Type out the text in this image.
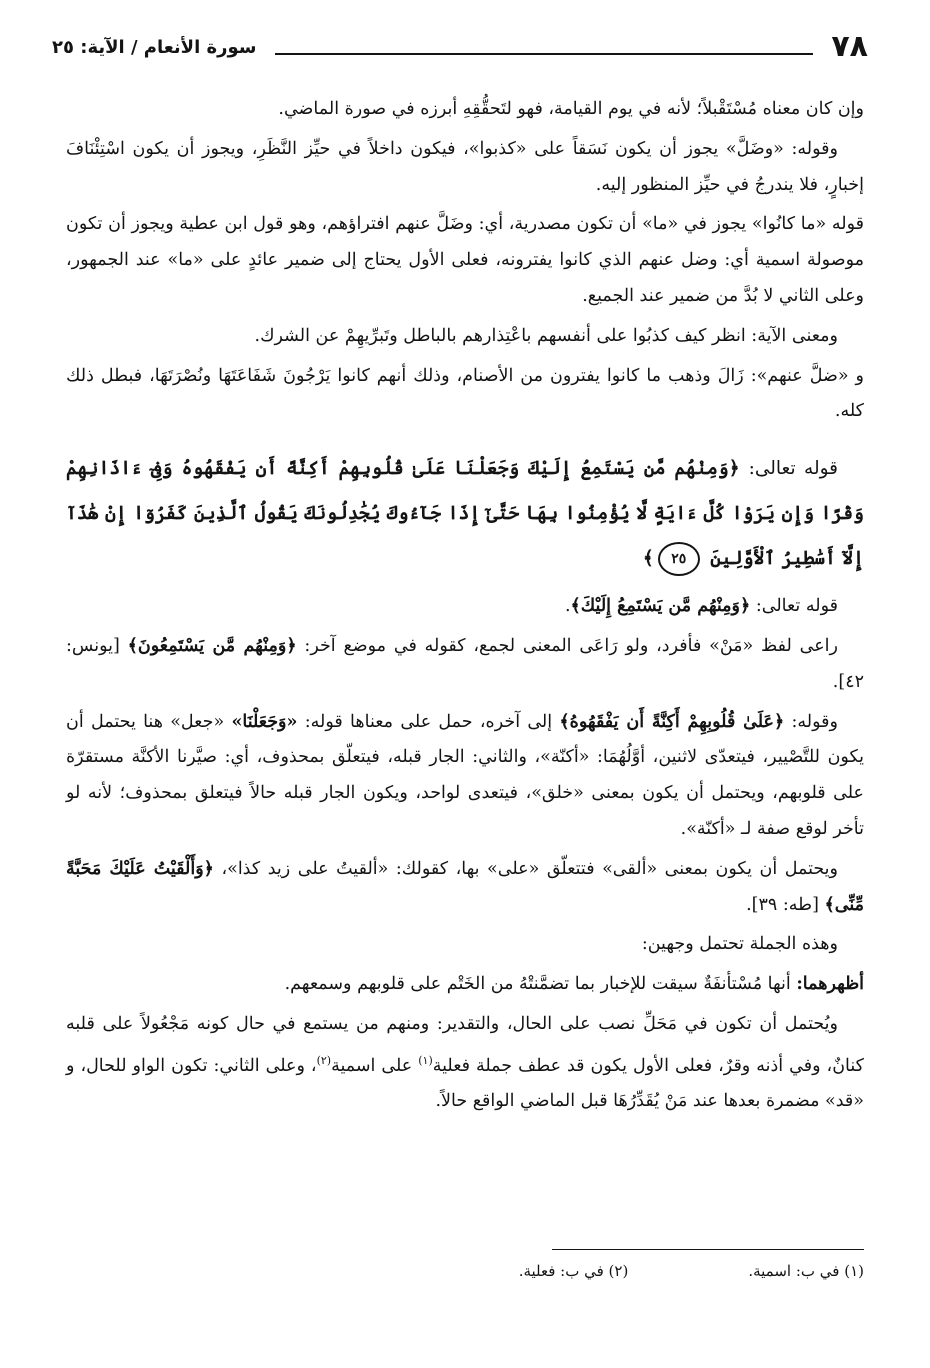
٧٨
سورة الأنعام / الآية: ٢٥

وإن كان معناه مُسْتَقْبلاً؛ لأنه في يوم القيامة، فهو لتَحقُّقِهِ أبرزه في صورة الماضي.

وقوله: «وضَلَّ» يجوز أن يكون نَسَقاً على «كذبوا»، فيكون داخلاً في حيِّز النَّظَرِ، ويجوز أن يكون اسْتِئْنَافَ إخبارٍ، فلا يندرجُ في حيِّز المنظور إليه.

قوله «ما كانُوا» يجوز في «ما» أن تكون مصدرية، أي: وضَلَّ عنهم افتراؤهم، وهو قول ابن عطية ويجوز أن تكون موصولة اسمية أي: وضل عنهم الذي كانوا يفترونه، فعلى الأول يحتاج إلى ضمير عائدٍ على «ما» عند الجمهور، وعلى الثاني لا بُدَّ من ضمير عند الجميع.

ومعنى الآية: انظر كيف كذبُوا على أنفسهم باعْتِذارهم بالباطل وتَبرِّيهِمْ عن الشرك.

و «ضلَّ عنهم»: زَالَ وذهب ما كانوا يفترون من الأصنام، وذلك أنهم كانوا يَرْجُونَ شَفَاعَتَهَا ونُصْرَتَهَا، فبطل ذلك كله.

قوله تعالى: ﴿وَمِنْهُم مَّن يَسْتَمِعُ إِلَيْكَ وَجَعَلْنَا عَلَىٰ قُلُوبِهِمْ أَكِنَّةً أَن يَفْقَهُوهُ وَفِىٓ ءَاذَانِهِمْ وَقْرًا وَإِن يَرَوْا كُلَّ ءَايَةٍ لَّا يُؤْمِنُوا بِهَا حَتَّىٰٓ إِذَا جَآءُوكَ يُجَٰدِلُونَكَ يَقُولُ ٱلَّذِينَ كَفَرُوٓا إِنْ هَٰذَآ إِلَّآ أَسَٰطِيرُ ٱلْأَوَّلِينَ ٢٥﴾

قوله تعالى: ﴿وَمِنْهُم مَّن يَسْتَمِعُ إِلَيْكَ﴾.

راعى لفظ «مَنْ» فأفرد، ولو رَاعَى المعنى لجمع، كقوله في موضع آخر: ﴿وَمِنْهُم مَّن يَسْتَمِعُونَ﴾ [يونس: ٤٢].

وقوله: ﴿عَلَىٰ قُلُوبِهِمْ أَكِنَّةً أَن يَفْقَهُوهُ﴾ إلى آخره، حمل على معناها قوله: «وَجَعَلْنَا» «جعل» هنا يحتمل أن يكون للتَّصْيير، فيتعدّى لاثنين، أوَّلُهُمَا: «أكنّة»، والثاني: الجار قبله، فيتعلّق بمحذوف، أي: صيَّرنا الأكنَّة مستقرّة على قلوبهم، ويحتمل أن يكون بمعنى «خلق»، فيتعدى لواحد، ويكون الجار قبله حالاً فيتعلق بمحذوف؛ لأنه لو تأخر لوقع صفة لـ «أكنّة».

ويحتمل أن يكون بمعنى «ألقى» فتتعلّق «على» بها، كقولك: «ألقيتُ على زيد كذا»، ﴿وَأَلْقَيْتُ عَلَيْكَ مَحَبَّةً مِّنِّى﴾ [طه: ٣٩].

وهذه الجملة تحتمل وجهين:

أظهرهما: أنها مُسْتأنفَةٌ سيقت للإخبار بما تضمَّنتْهُ من الخَتْم على قلوبهم وسمعهم.

ويُحتمل أن تكون في مَحَلِّ نصب على الحال، والتقدير: ومنهم من يستمع في حال كونه مَجْعُولاً على قلبه كنانٌ، وفي أذنه وقرٌ، فعلى الأول يكون قد عطف جملة فعلية$^{(١)}$ على اسمية$^{(٢)}$، وعلى الثاني: تكون الواو للحال، و «قد» مضمرة بعدها عند مَنْ يُقَدِّرُهَا قبل الماضي الواقع حالاً.

(١) في ب: اسمية.
(٢) في ب: فعلية.
